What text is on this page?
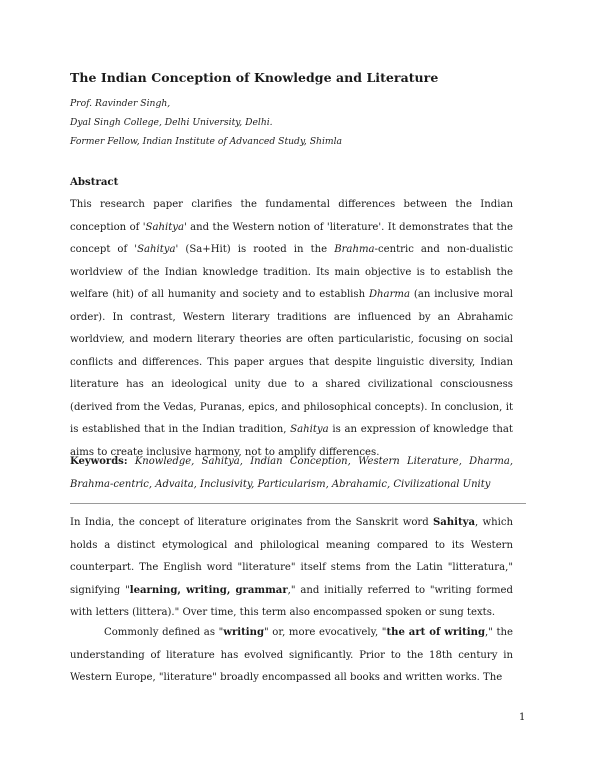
The Indian Conception of Knowledge and Literature
Prof. Ravinder Singh,
Dyal Singh College, Delhi University, Delhi.
Former Fellow, Indian Institute of Advanced Study, Shimla
Abstract
This research paper clarifies the fundamental differences between the Indian conception of 'Sahitya' and the Western notion of 'literature'. It demonstrates that the concept of 'Sahitya' (Sa+Hit) is rooted in the Brahma-centric and non-dualistic worldview of the Indian knowledge tradition. Its main objective is to establish the welfare (hit) of all humanity and society and to establish Dharma (an inclusive moral order). In contrast, Western literary traditions are influenced by an Abrahamic worldview, and modern literary theories are often particularistic, focusing on social conflicts and differences. This paper argues that despite linguistic diversity, Indian literature has an ideological unity due to a shared civilizational consciousness (derived from the Vedas, Puranas, epics, and philosophical concepts). In conclusion, it is established that in the Indian tradition, Sahitya is an expression of knowledge that aims to create inclusive harmony, not to amplify differences.
Keywords: Knowledge, Sahitya, Indian Conception, Western Literature, Dharma, Brahma-centric, Advaita, Inclusivity, Particularism, Abrahamic, Civilizational Unity
In India, the concept of literature originates from the Sanskrit word Sahitya, which holds a distinct etymological and philological meaning compared to its Western counterpart. The English word "literature" itself stems from the Latin "litteratura," signifying "learning, writing, grammar," and initially referred to "writing formed with letters (littera)." Over time, this term also encompassed spoken or sung texts.
Commonly defined as "writing" or, more evocatively, "the art of writing," the understanding of literature has evolved significantly. Prior to the 18th century in Western Europe, "literature" broadly encompassed all books and written works. The
1
